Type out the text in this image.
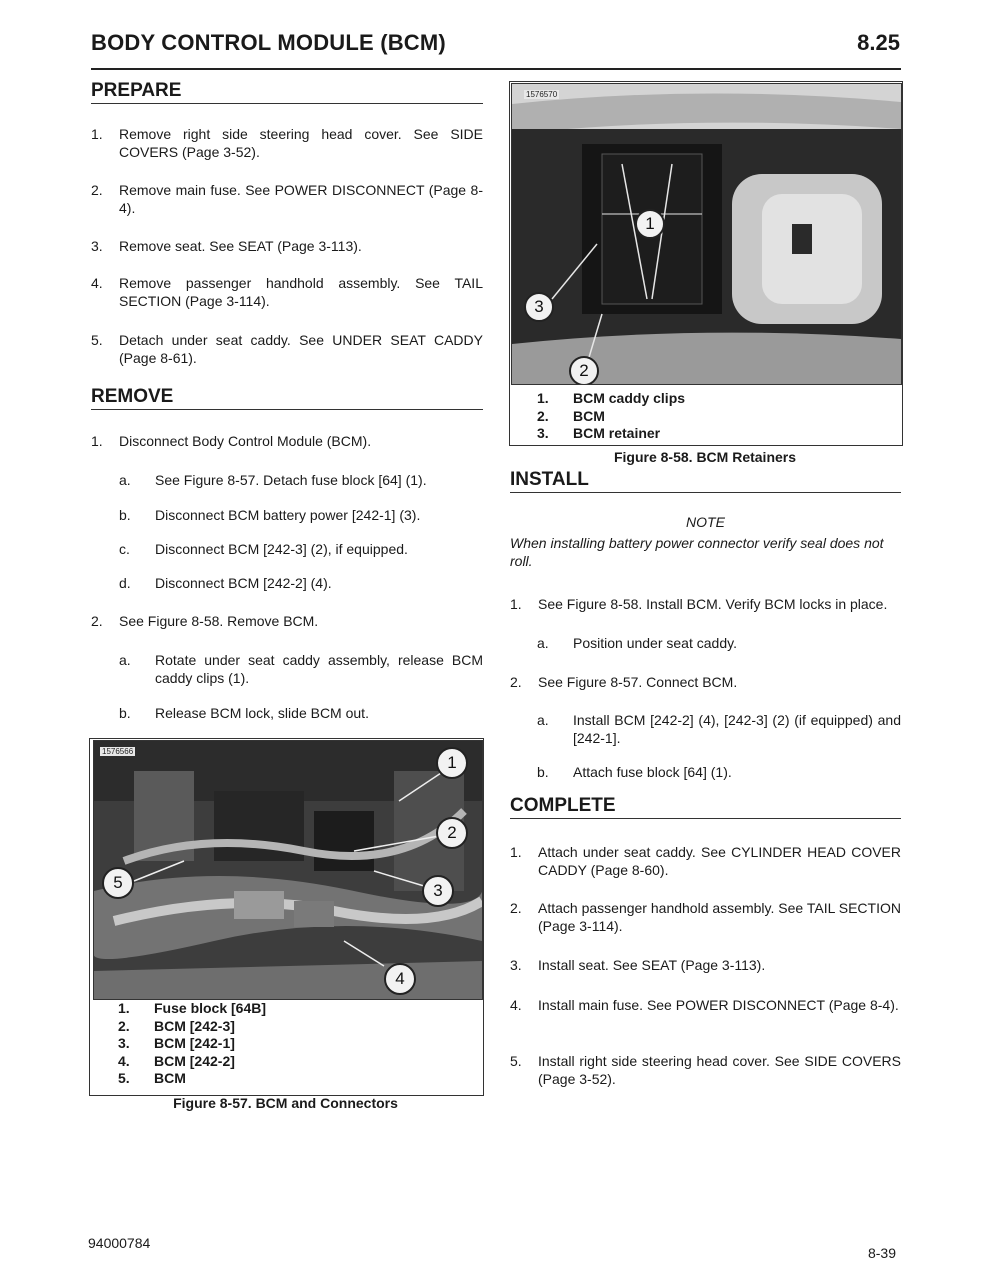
BODY CONTROL MODULE (BCM)	8.25
PREPARE
1. Remove right side steering head cover. See SIDE COVERS (Page 3-52).
2. Remove main fuse. See POWER DISCONNECT (Page 8-4).
3. Remove seat. See SEAT (Page 3-113).
4. Remove passenger handhold assembly. See TAIL SECTION (Page 3-114).
5. Detach under seat caddy. See UNDER SEAT CADDY (Page 8-61).
REMOVE
1. Disconnect Body Control Module (BCM).
a. See Figure 8-57. Detach fuse block [64] (1).
b. Disconnect BCM battery power [242-1] (3).
c. Disconnect BCM [242-3] (2), if equipped.
d. Disconnect BCM [242-2] (4).
2. See Figure 8-58. Remove BCM.
a. Rotate under seat caddy assembly, release BCM caddy clips (1).
b. Release BCM lock, slide BCM out.
1576566
1
2
3
4
5
1. Fuse block [64B]
2. BCM [242-3]
3. BCM [242-1]
4. BCM [242-2]
5. BCM
Figure 8-57. BCM and Connectors
1576570
1
2
3
1. BCM caddy clips
2. BCM
3. BCM retainer
Figure 8-58. BCM Retainers
INSTALL
NOTE
When installing battery power connector verify seal does not roll.
1. See Figure 8-58. Install BCM. Verify BCM locks in place.
a. Position under seat caddy.
2. See Figure 8-57. Connect BCM.
a. Install BCM [242-2] (4), [242-3] (2) (if equipped) and [242-1].
b. Attach fuse block [64] (1).
COMPLETE
1. Attach under seat caddy. See CYLINDER HEAD COVER CADDY (Page 8-60).
2. Attach passenger handhold assembly. See TAIL SECTION (Page 3-114).
3. Install seat. See SEAT (Page 3-113).
4. Install main fuse. See POWER DISCONNECT (Page 8-4).
5. Install right side steering head cover. See SIDE COVERS (Page 3-52).
94000784
8-39
